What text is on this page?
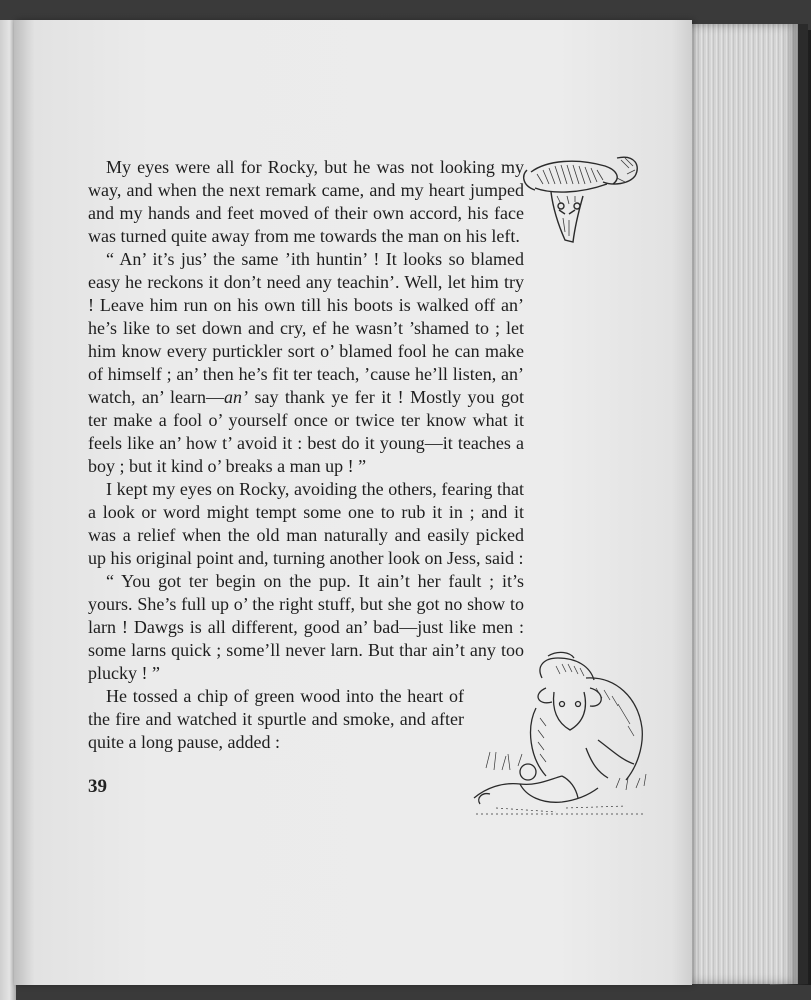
My eyes were all for Rocky, but he was not looking my way, and when the next remark came, and my heart jumped and my hands and feet moved of their own accord, his face was turned quite away from me towards the man on his left.

“ An’ it’s jus’ the same ’ith huntin’ ! It looks so blamed easy he reckons it don’t need any teachin’. Well, let him try ! Leave him run on his own till his boots is walked off an’ he’s like to set down and cry, ef he wasn’t ’shamed to ; let him know every purtickler sort o’ blamed fool he can make of himself ; an’ then he’s fit ter teach, ’cause he’ll listen, an’ watch, an’ learn—an’ say thank ye fer it ! Mostly you got ter make a fool o’ yourself once or twice ter know what it feels like an’ how t’ avoid it : best do it young—it teaches a boy ; but it kind o’ breaks a man up ! ”

I kept my eyes on Rocky, avoiding the others, fearing that a look or word might tempt some one to rub it in ; and it was a relief when the old man naturally and easily picked up his original point and, turning another look on Jess, said :

“ You got ter begin on the pup. It ain’t her fault ; it’s yours. She’s full up o’ the right stuff, but she got no show to larn ! Dawgs is all different, good an’ bad—just like men : some larns quick ; some’ll never larn. But thar ain’t any too plucky ! ”

He tossed a chip of green wood into the heart of the fire and watched it spurtle and smoke, and after quite a long pause, added :

39
